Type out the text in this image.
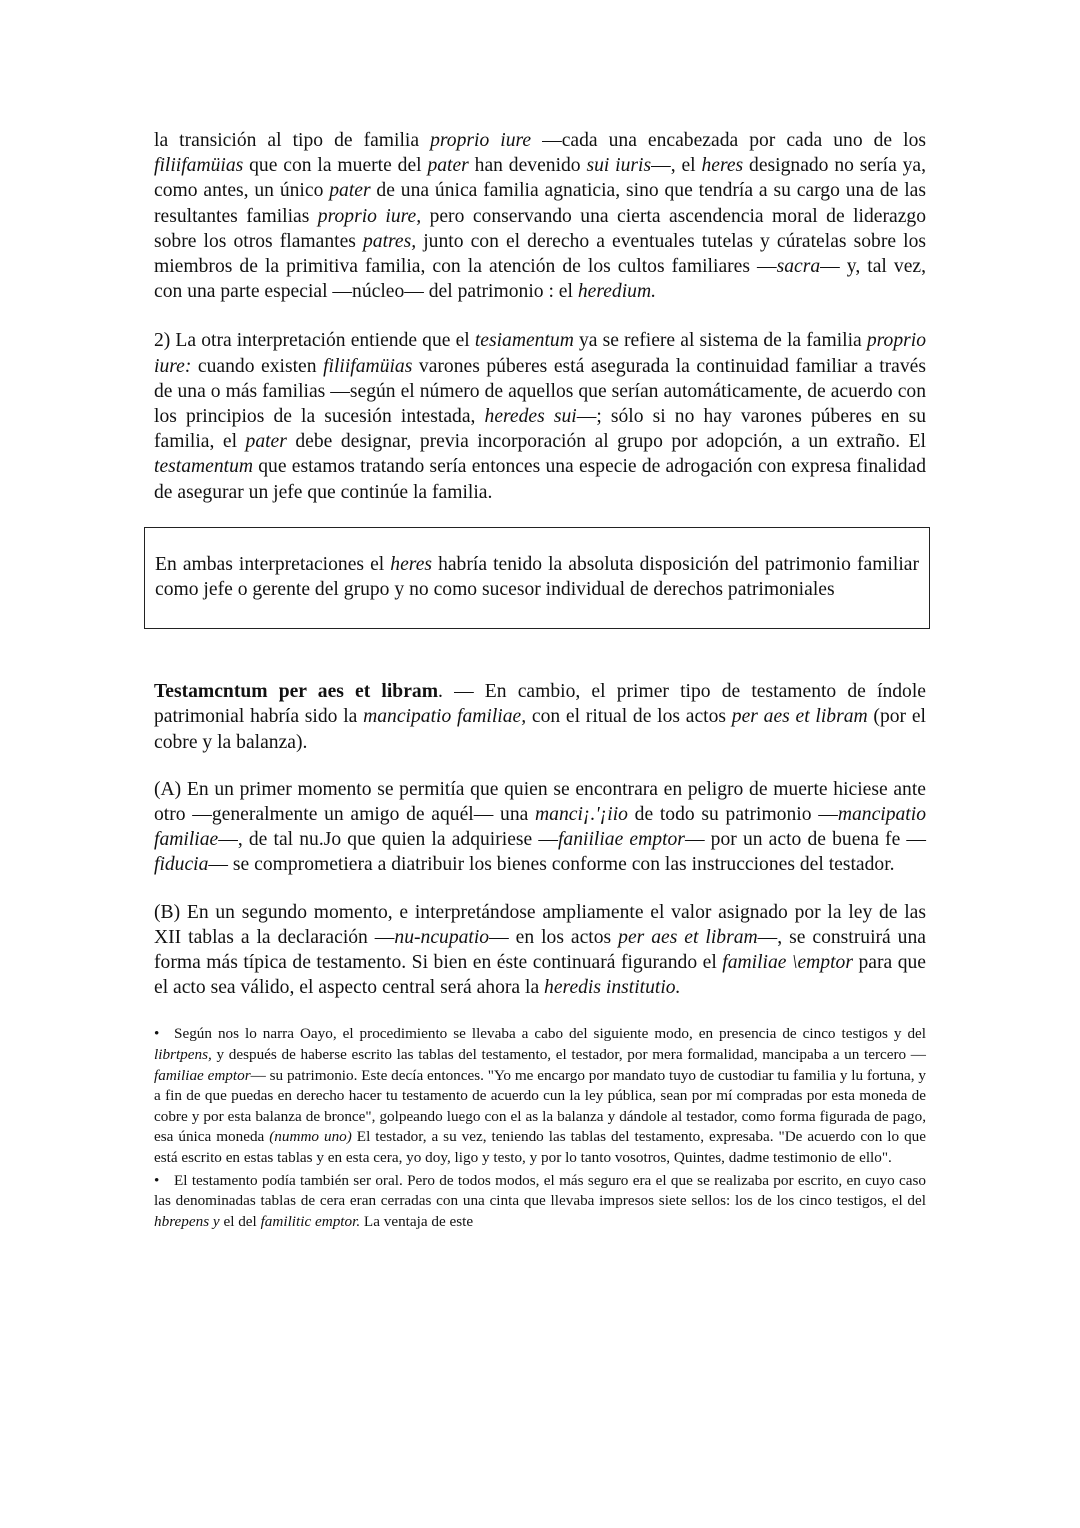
la transición al tipo de familia proprio iure —cada una encabezada por cada uno de los filiifamüias que con la muerte del pater han devenido sui iuris—, el heres designado no sería ya, como antes, un único pater de una única familia agnaticia, sino que tendría a su cargo una de las resultantes familias proprio iure, pero conservando una cierta ascendencia moral de liderazgo sobre los otros flamantes patres, junto con el derecho a eventuales tutelas y cúratelas sobre los miembros de la primitiva familia, con la atención de los cultos familiares —sacra— y, tal vez, con una parte especial —núcleo— del patrimonio : el heredium.

2) La otra interpretación entiende que el tesiamentum ya se refiere al sistema de la familia proprio iure: cuando existen filiifamüias varones púberes está asegurada la continuidad familiar a través de una o más familias —según el número de aquellos que serían automáticamente, de acuerdo con los principios de la sucesión intestada, heredes sui—; sólo si no hay varones púberes en su familia, el pater debe designar, previa incorporación al grupo por adopción, a un extraño. El testamentum que estamos tratando sería entonces una especie de adrogación con expresa finalidad de asegurar un jefe que continúe la familia.

En ambas interpretaciones el heres habría tenido la absoluta disposición del patrimonio familiar como jefe o gerente del grupo y no como sucesor individual de derechos patrimoniales

Testamcntum per aes et libram. — En cambio, el primer tipo de testamento de índole patrimonial habría sido la mancipatio familiae, con el ritual de los actos per aes et libram (por el cobre y la balanza).

(A) En un primer momento se permitía que quien se encontrara en peligro de muerte hiciese ante otro —generalmente un amigo de aquél— una manci¡.'¡iio de todo su patrimonio —mancipatio familiae—, de tal nu.Jo que quien la adquiriese —faniiliae emptor— por un acto de buena fe —fiducia— se comprometiera a diatribuir los bienes conforme con las instrucciones del testador.

(B) En un segundo momento, e interpretándose ampliamente el valor asignado por la ley de las XII tablas a la declaración —nu-ncupatio— en los actos per aes et libram—, se construirá una forma más típica de testamento. Si bien en éste continuará figurando el familiae \emptor para que el acto sea válido, el aspecto central será ahora la heredis institutio.

• Según nos lo narra Oayo, el procedimiento se llevaba a cabo del siguiente modo, en presencia de cinco testigos y del librtpens, y después de haberse escrito las tablas del testamento, el testador, por mera formalidad, mancipaba a un tercero —familiae emptor— su patrimonio. Este decía entonces. "Yo me encargo por mandato tuyo de custodiar tu familia y lu fortuna, y a fin de que puedas en derecho hacer tu testamento de acuerdo cun la ley pública, sean por mí compradas por esta moneda de cobre y por esta balanza de bronce", golpeando luego con el as la balanza y dándole al testador, como forma figurada de pago, esa única moneda (nummo uno) El testador, a su vez, teniendo las tablas del testamento, expresaba. "De acuerdo con lo que está escrito en estas tablas y en esta cera, yo doy, ligo y testo, y por lo tanto vosotros, Quintes, dadme testimonio de ello".

• El testamento podía también ser oral. Pero de todos modos, el más seguro era el que se realizaba por escrito, en cuyo caso las denominadas tablas de cera eran cerradas con una cinta que llevaba impresos siete sellos: los de los cinco testigos, el del hbrepens y el del familitic emptor. La ventaja de este
